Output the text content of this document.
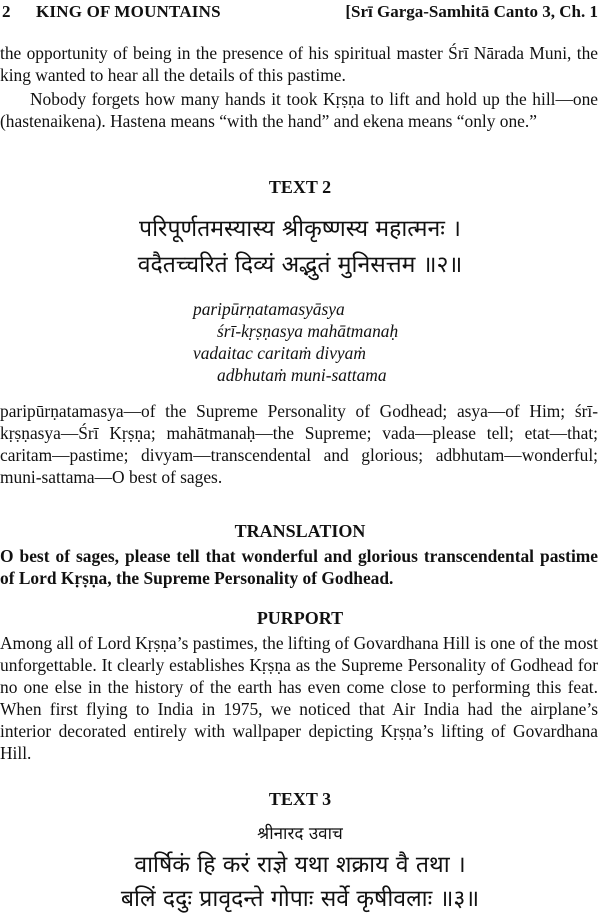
2 KING OF MOUNTAINS	[Srī Garga-Samhitā Canto 3, Ch. 1

the opportunity of being in the presence of his spiritual master Śrī Nārada Muni, the king wanted to hear all the details of this pastime.

Nobody forgets how many hands it took Kṛṣṇa to lift and hold up the hill—one (hastenaikena). Hastena means “with the hand” and ekena means “only one.”

TEXT 2
परिपूर्णतमस्यास्य श्रीकृष्णस्य महात्मनः ।
वदैतच्चरितं दिव्यं अद्भुतं मुनिसत्तम ॥२॥
paripūrṇatamasyāsya
śrī-kṛṣṇasya mahātmanaḥ
vadaitac caritaṁ divyaṁ
adbhutaṁ muni-sattama

paripūrṇatamasya—of the Supreme Personality of Godhead; asya—of Him; śrī-kṛṣṇasya—Śrī Kṛṣṇa; mahātmanaḥ—the Supreme; vada—please tell; etat—that; caritam—pastime; divyam—transcendental and glorious; adbhutam—wonderful; muni-sattama—O best of sages.

TRANSLATION

O best of sages, please tell that wonderful and glorious transcendental pastime of Lord Kṛṣṇa, the Supreme Personality of Godhead.

PURPORT

Among all of Lord Kṛṣṇa’s pastimes, the lifting of Govardhana Hill is one of the most unforgettable. It clearly establishes Kṛṣṇa as the Supreme Personality of Godhead for no one else in the history of the earth has even come close to performing this feat. When first flying to India in 1975, we noticed that Air India had the airplane’s interior decorated entirely with wallpaper depicting Kṛṣṇa’s lifting of Govardhana Hill.

TEXT 3
श्रीनारद उवाच
वार्षिकं हि करं राज्ञे यथा शक्राय वै तथा ।
बलिं ददुः प्रावृदन्ते गोपाः सर्वे कृषीवलाः ॥३॥
